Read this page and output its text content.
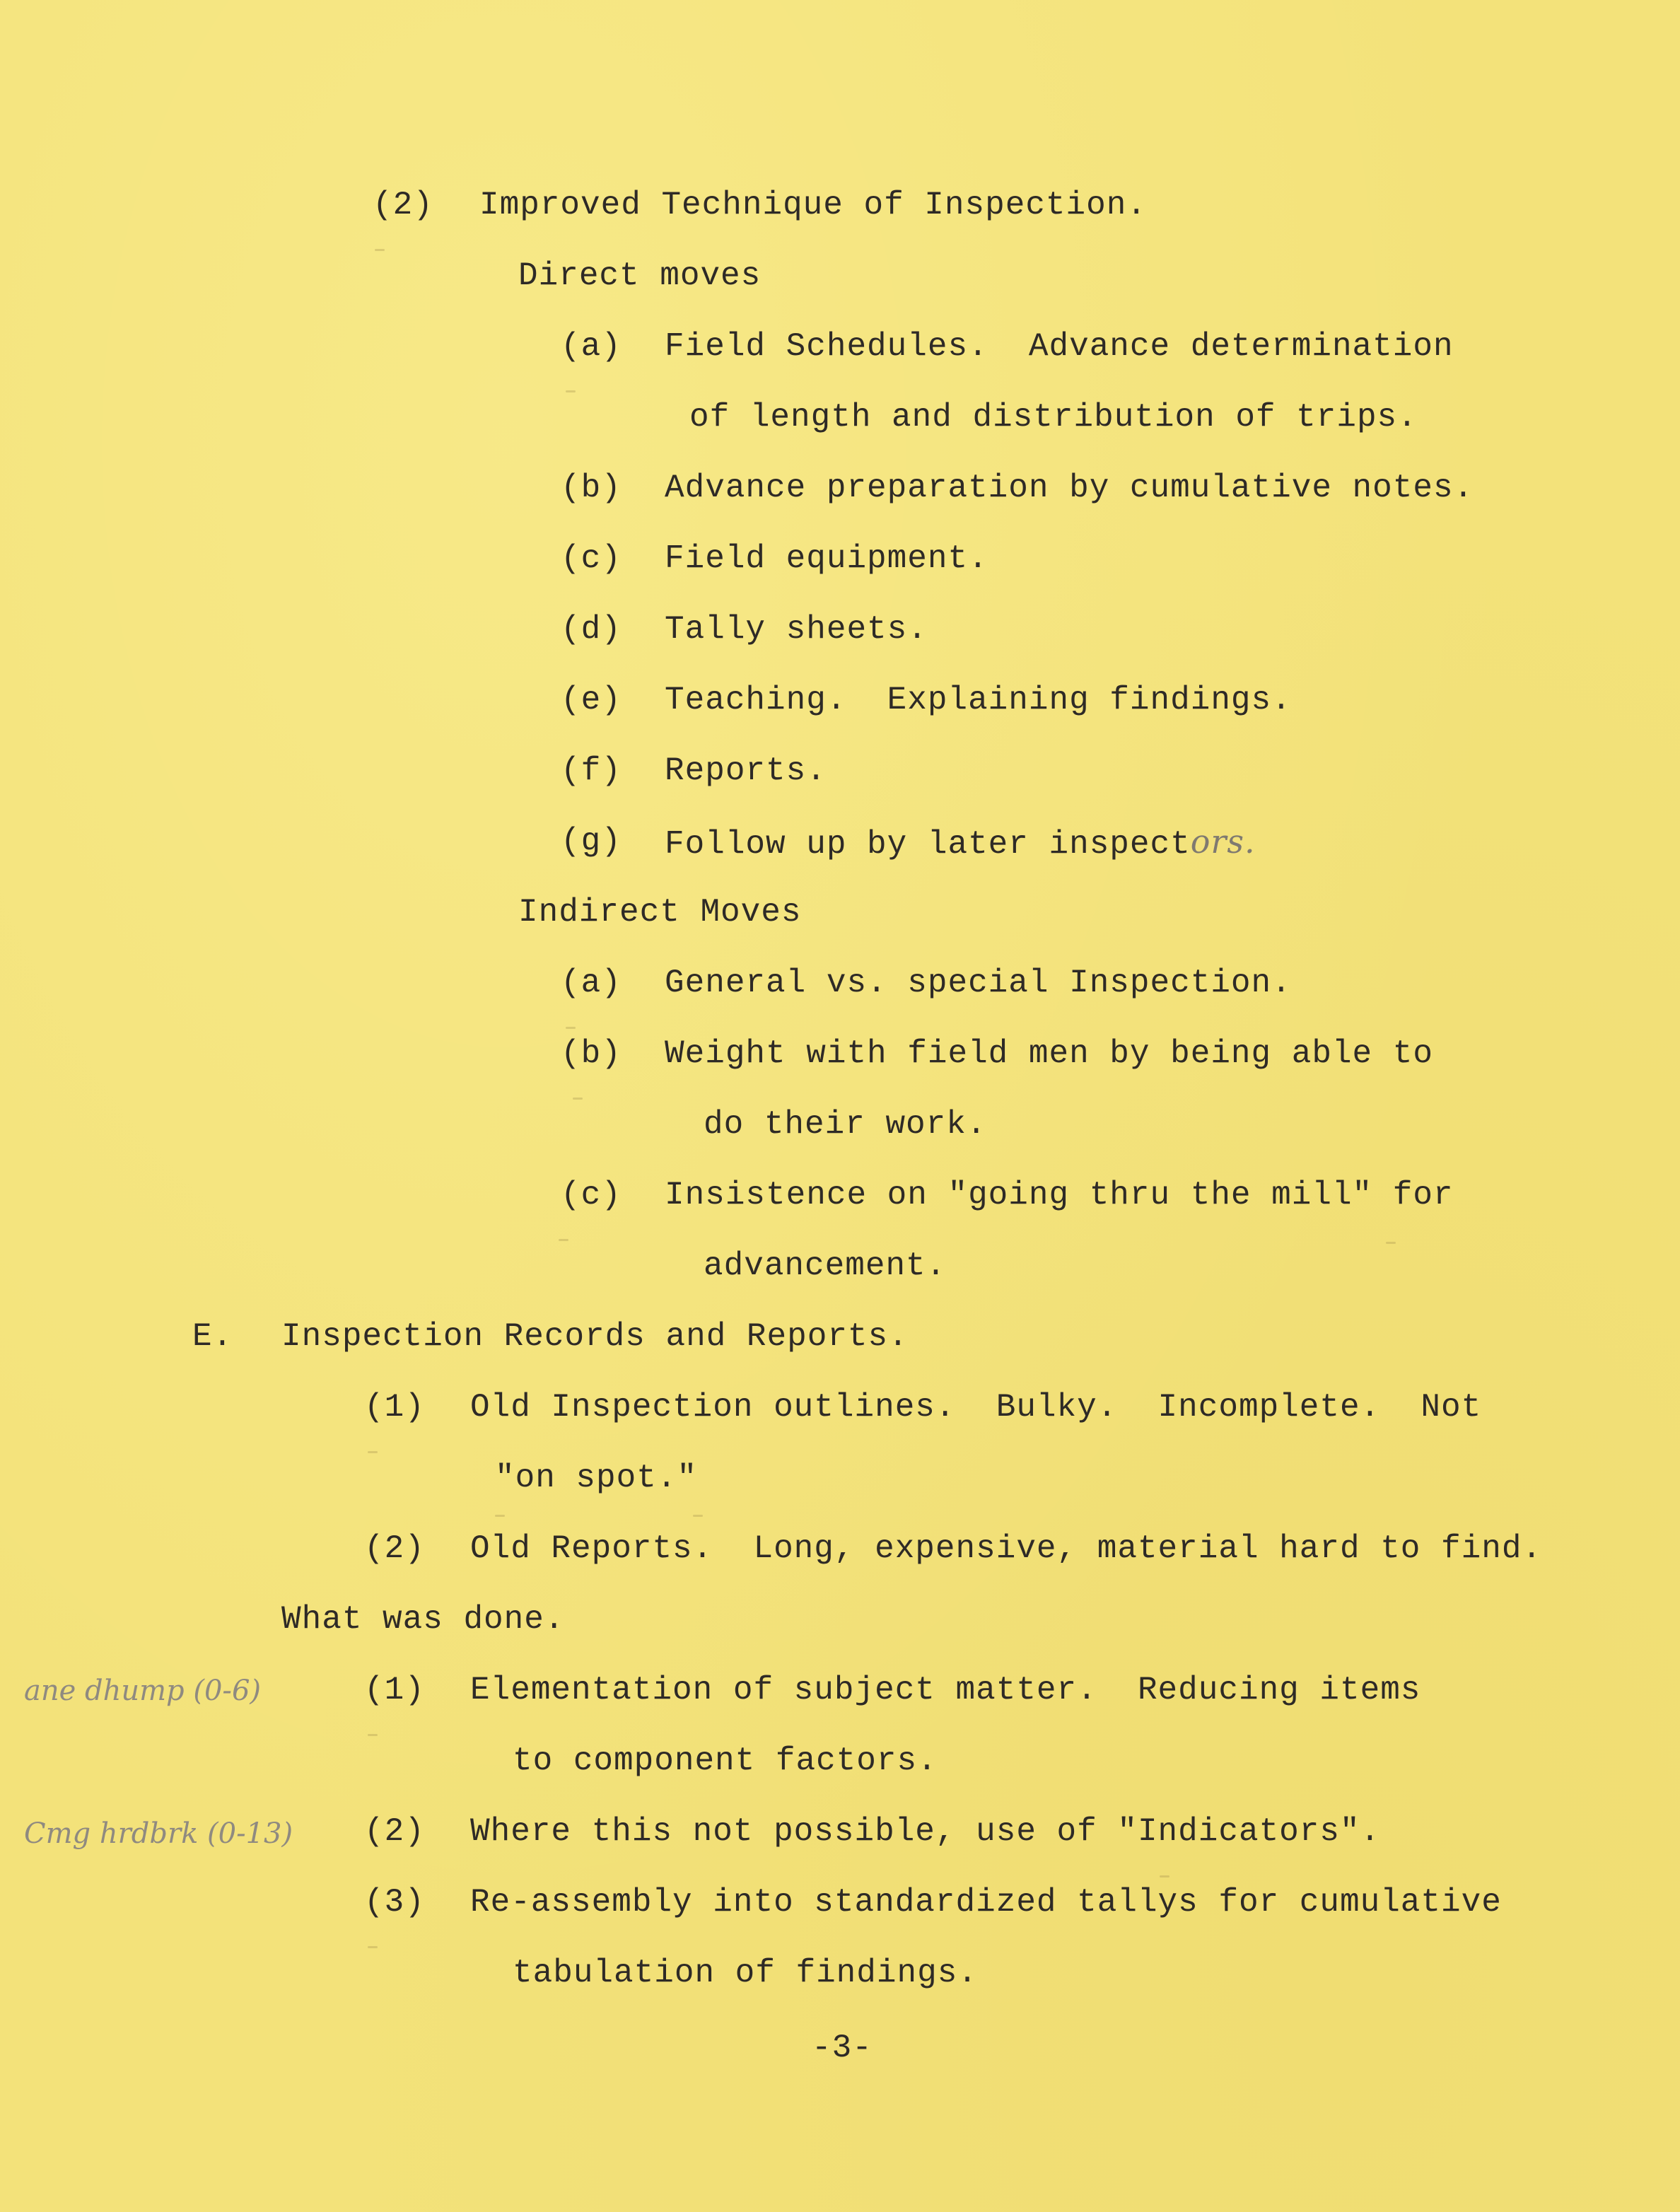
(2) Improved Technique of Inspection.
Direct moves
(a) Field Schedules.  Advance determination
of length and distribution of trips.
(b) Advance preparation by cumulative notes.
(c) Field equipment.
(d) Tally sheets.
(e) Teaching.  Explaining findings.
(f) Reports.
(g) Follow up by later inspectors.
Indirect Moves
(a) General vs. special Inspection.
(b) Weight with field men by being able to
do their work.
(c) Insistence on "going thru the mill" for
advancement.
E. Inspection Records and Reports.
(1) Old Inspection outlines.  Bulky.  Incomplete.  Not
"on spot."
(2) Old Reports.  Long, expensive, material hard to find.
What was done.
ane dhump (0-6)	(1) Elementation of subject matter.  Reducing items
to component factors.
Cmg hrdbrk (0-13) (2) Where this not possible, use of "Indicators".
(3) Re-assembly into standardized tallys for cumulative
tabulation of findings.
-3-
